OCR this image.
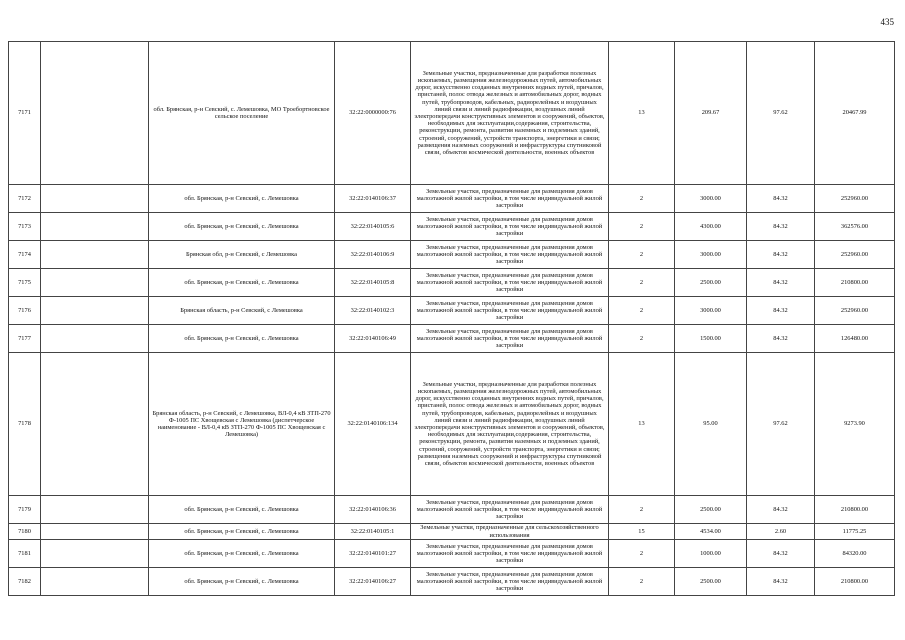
435
7171		обл. Брянская, р-н Севский, с. Лемешовка, МО Троебортновское сельское поселение	32:22:0000000:76	Земельные участки, предназначенные для разработки полезных ископаемых, размещения железнодорожных путей, автомобильных дорог, искусственно созданных внутренних водных путей, причалов, пристаней, полос отвода железных и автомобильных дорог, водных путей, трубопроводов, кабельных, радиорелейных и воздушных линий связи и линий радиофикации, воздушных линий электропередачи конструктивных элементов и сооружений, объектов, необходимых для эксплуатации,содержания, строительства, реконструкции, ремонта, развития наземных и подземных зданий, строений, сооружений, устройств транспорта, энергетики и связи; размещения наземных сооружений и инфраструктуры спутниковой связи, объектов космической деятельности, военных объектов	13	209.67	97.62	20467.99
7172		обл. Брянская, р-н Севский, с. Лемешовка	32:22:0140106:37	Земельные участки, предназначенные для размещения домов малоэтажной жилой застройки, в том числе индивидуальной жилой застройки	2	3000.00	84.32	252960.00
7173		обл. Брянская, р-н Севский, с. Лемешовка	32:22:0140105:6	Земельные участки, предназначенные для размещения домов малоэтажной жилой застройки, в том числе индивидуальной жилой застройки	2	4300.00	84.32	362576.00
7174		Брянская обл, р-н Севский, с Лемешовка	32:22:0140106:9	Земельные участки, предназначенные для размещения домов малоэтажной жилой застройки, в том числе индивидуальной жилой застройки	2	3000.00	84.32	252960.00
7175		обл. Брянская, р-н Севский, с. Лемешовка	32:22:0140105:8	Земельные участки, предназначенные для размещения домов малоэтажной жилой застройки, в том числе индивидуальной жилой застройки	2	2500.00	84.32	210800.00
7176		Брянская область, р-н Севский, с Лемешовка	32:22:0140102:3	Земельные участки, предназначенные для размещения домов малоэтажной жилой застройки, в том числе индивидуальной жилой застройки	2	3000.00	84.32	252960.00
7177		обл. Брянская, р-н Севский, с. Лемешовка	32:22:0140106:49	Земельные участки, предназначенные для размещения домов малоэтажной жилой застройки, в том числе индивидуальной жилой застройки	2	1500.00	84.32	126480.00
7178		Брянская область, р-н Севский, с Лемешовка, ВЛ-0,4 кВ ЗТП-270 Ф-1005 ПС Хвощевская с Лемешовка (диспетчерское наименование - ВЛ-0,4 кВ ЗТП-270 Ф-1005 ПС Хвощевская с Лемешовка)	32:22:0140106:134	Земельные участки, предназначенные для разработки полезных ископаемых, размещения железнодорожных путей, автомобильных дорог, искусственно созданных внутренних водных путей, причалов, пристаней, полос отвода железных и автомобильных дорог, водных путей, трубопроводов, кабельных, радиорелейных и воздушных линий связи и линий радиофикации, воздушных линий электропередачи конструктивных элементов и сооружений, объектов, необходимых для эксплуатации,содержания, строительства, реконструкции, ремонта, развития наземных и подземных зданий, строений, сооружений, устройств транспорта, энергетики и связи; размещения наземных сооружений и инфраструктуры спутниковой связи, объектов космической деятельности, военных объектов	13	95.00	97.62	9273.90
7179		обл. Брянская, р-н Севский, с. Лемешовка	32:22:0140106:36	Земельные участки, предназначенные для размещения домов малоэтажной жилой застройки, в том числе индивидуальной жилой застройки	2	2500.00	84.32	210800.00
7180		обл. Брянская, р-н Севский, с. Лемешовка	32:22:0140105:1	Земельные участки, предназначенные для сельскохозяйственного использования	15	4534.00	2.60	11775.25
7181		обл. Брянская, р-н Севский, с. Лемешовка	32:22:0140101:27	Земельные участки, предназначенные для размещения домов малоэтажной жилой застройки, в том числе индивидуальной жилой застройки	2	1000.00	84.32	84320.00
7182		обл. Брянская, р-н Севский, с. Лемешовка	32:22:0140106:27	Земельные участки, предназначенные для размещения домов малоэтажной жилой застройки, в том числе индивидуальной жилой застройки	2	2500.00	84.32	210800.00
